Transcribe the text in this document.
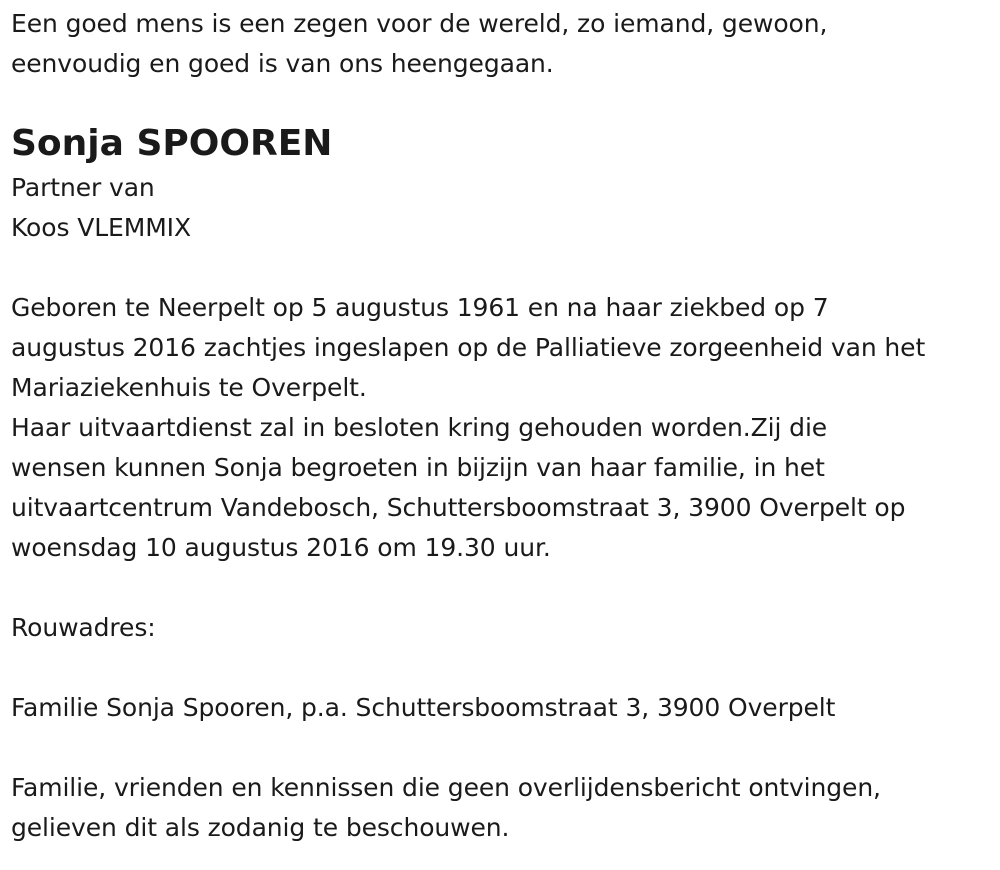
Een goed mens is een zegen voor de wereld, zo iemand, gewoon,
eenvoudig en goed is van ons heengegaan.

Sonja SPOOREN

Partner van

Koos VLEMMIX

Geboren te Neerpelt op 5 augustus 1961 en na haar ziekbed op 7
augustus 2016 zachtjes ingeslapen op de Palliatieve zorgeenheid van het
Mariaziekenhuis te Overpelt.
Haar uitvaartdienst zal in besloten kring gehouden worden.Zij die
wensen kunnen Sonja begroeten in bijzijn van haar familie, in het
uitvaartcentrum Vandebosch, Schuttersboomstraat 3, 3900 Overpelt op
woensdag 10 augustus 2016 om 19.30 uur.

Rouwadres:

Familie Sonja Spooren, p.a. Schuttersboomstraat 3, 3900 Overpelt

Familie, vrienden en kennissen die geen overlijdensbericht ontvingen,
gelieven dit als zodanig te beschouwen.
